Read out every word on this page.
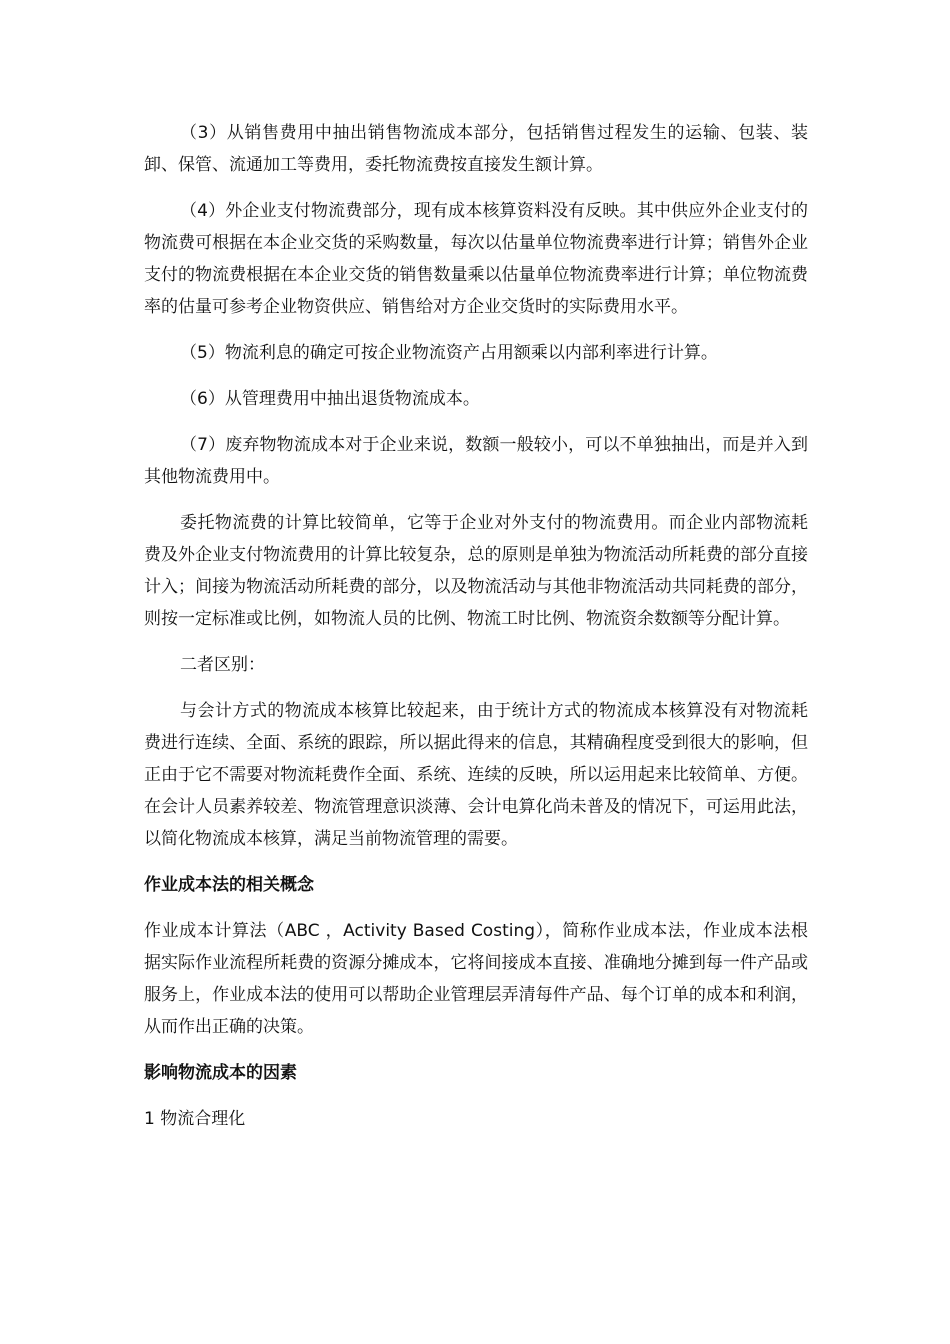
（3）从销售费用中抽出销售物流成本部分，包括销售过程发生的运输、包装、装卸、保管、流通加工等费用，委托物流费按直接发生额计算。

（4）外企业支付物流费部分，现有成本核算资料没有反映。其中供应外企业支付的物流费可根据在本企业交货的采购数量，每次以估量单位物流费率进行计算；销售外企业支付的物流费根据在本企业交货的销售数量乘以估量单位物流费率进行计算；单位物流费率的估量可参考企业物资供应、销售给对方企业交货时的实际费用水平。

（5）物流利息的确定可按企业物流资产占用额乘以内部利率进行计算。

（6）从管理费用中抽出退货物流成本。

（7）废弃物物流成本对于企业来说，数额一般较小，可以不单独抽出，而是并入到其他物流费用中。

委托物流费的计算比较简单，它等于企业对外支付的物流费用。而企业内部物流耗费及外企业支付物流费用的计算比较复杂，总的原则是单独为物流活动所耗费的部分直接计入；间接为物流活动所耗费的部分，以及物流活动与其他非物流活动共同耗费的部分，则按一定标准或比例，如物流人员的比例、物流工时比例、物流资余数额等分配计算。

二者区别：

与会计方式的物流成本核算比较起来，由于统计方式的物流成本核算没有对物流耗费进行连续、全面、系统的跟踪，所以据此得来的信息，其精确程度受到很大的影响，但正由于它不需要对物流耗费作全面、系统、连续的反映，所以运用起来比较简单、方便。在会计人员素养较差、物流管理意识淡薄、会计电算化尚未普及的情况下，可运用此法，以简化物流成本核算，满足当前物流管理的需要。

作业成本法的相关概念

作业成本计算法（ABC ，Activity Based Costing），简称作业成本法，作业成本法根据实际作业流程所耗费的资源分摊成本，它将间接成本直接、准确地分摊到每一件产品或服务上，作业成本法的使用可以帮助企业管理层弄清每件产品、每个订单的成本和利润，从而作出正确的决策。

影响物流成本的因素

1 物流合理化
